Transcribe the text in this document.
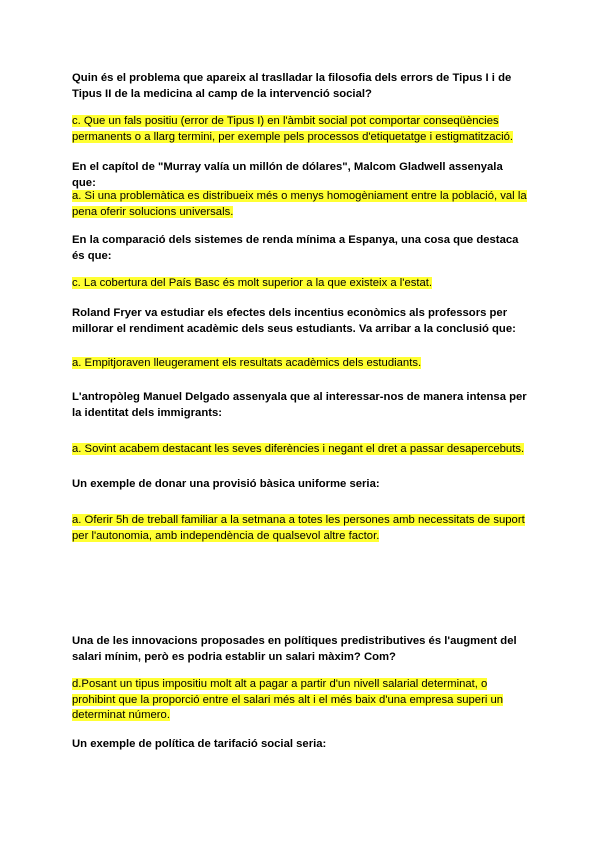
Quin és el problema que apareix al traslladar la filosofia dels errors de Tipus I i de Tipus II de la medicina al camp de la intervenció social?
c. Que un fals positiu (error de Tipus I) en l'àmbit social pot comportar conseqüències permanents o a llarg termini, per exemple pels processos d'etiquetatge i estigmatització.
En el capítol de "Murray valía un millón de dólares", Malcom Gladwell assenyala que:
a. Si una problemàtica es distribueix més o menys homogèniament entre la població, val la pena oferir solucions universals.
En la comparació dels sistemes de renda mínima a Espanya, una cosa que destaca és que:
c. La cobertura del País Basc és molt superior a la que existeix a l'estat.
Roland Fryer va estudiar els efectes dels incentius econòmics als professors per millorar el rendiment acadèmic dels seus estudiants. Va arribar a la conclusió que:
a. Empitjoraven lleugerament els resultats acadèmics dels estudiants.
L'antropòleg Manuel Delgado assenyala que al interessar-nos de manera intensa per la identitat dels immigrants:
a. Sovint acabem destacant les seves diferències i negant el dret a passar desapercebuts.
Un exemple de donar una provisió bàsica uniforme seria:
a. Oferir 5h de treball familiar a la setmana a totes les persones amb necessitats de suport per l'autonomia, amb independència de qualsevol altre factor.
Una de les innovacions proposades en polítiques predistributives és l'augment del salari mínim, però es podria establir un salari màxim? Com?
d.Posant un tipus impositiu molt alt a pagar a partir d'un nivell salarial determinat, o prohibint que la proporció entre el salari més alt i el més baix d'una empresa superi un determinat número.
Un exemple de política de tarifació social seria:
